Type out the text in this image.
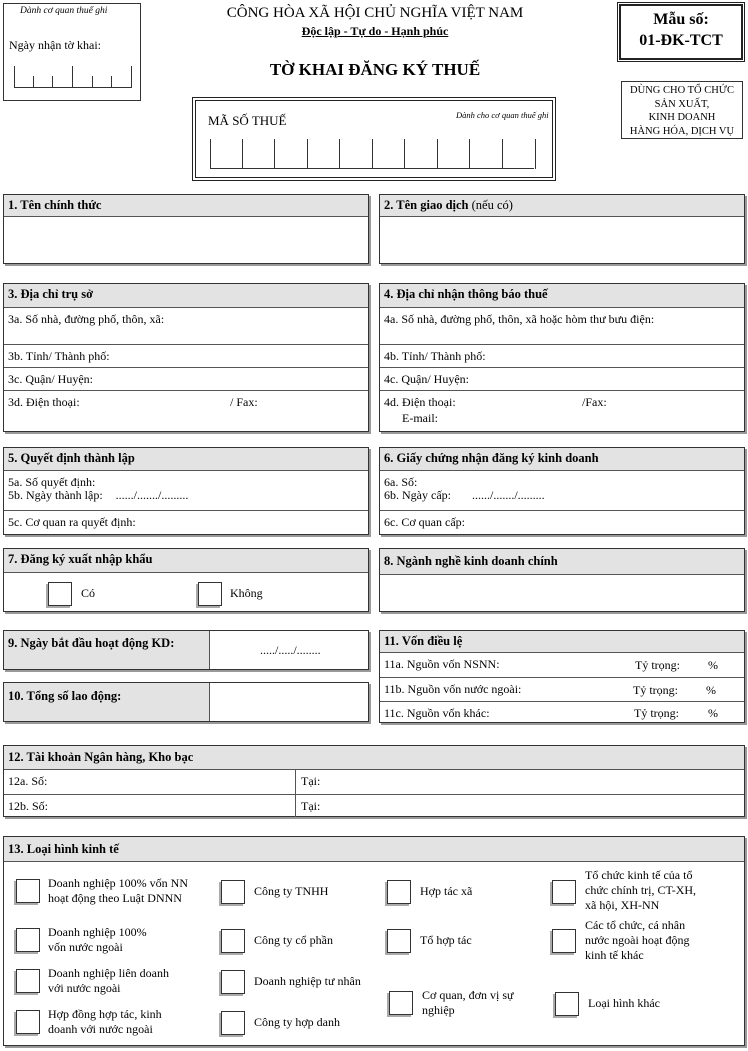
Dành cơ quan thuế ghi
Ngày nhận tờ khai:
CÔNG HÒA XÃ HỘI CHỦ NGHĨA VIỆT NAM
Độc lập - Tự do - Hạnh phúc
TỜ KHAI ĐĂNG KÝ THUẾ
Mẫu số:
01-ĐK-TCT
DÙNG CHO TỔ CHỨC
SẢN XUẤT,
KINH DOANH
HÀNG HÓA, DỊCH VỤ
MÃ SỐ THUẾ	Dành cho cơ quan thuế ghi
1. Tên chính thức	2. Tên giao dịch (nếu có)
3. Địa chỉ trụ sở
3a. Số nhà, đường phố, thôn, xã:
3b. Tỉnh/ Thành phố:
3c. Quận/ Huyện:
3d. Điện thoại:	/ Fax:
4. Địa chỉ nhận thông báo thuế
4a. Số nhà, đường phố, thôn, xã hoặc hòm thư bưu điện:
4b. Tỉnh/ Thành phố:
4c. Quận/ Huyện:
4d. Điện thoại:	/Fax:
E-mail:
5. Quyết định thành lập
5a. Số quyết định:
5b. Ngày thành lập: ....../......./.........
5c. Cơ quan ra quyết định:
6. Giấy chứng nhận đăng ký kinh doanh
6a. Số:
6b. Ngày cấp: ....../......./.........
6c. Cơ quan cấp:
7. Đăng ký xuất nhập khẩu
Có	Không
8. Ngành nghề kinh doanh chính
9. Ngày bắt đầu hoạt động KD:	...../...../........
10. Tổng số lao động:
11. Vốn điều lệ
11a. Nguồn vốn NSNN:	Tỷ trọng: %
11b. Nguồn vốn nước ngoài:	Tỷ trọng: %
11c. Nguồn vốn khác:	Tỷ trọng: %
12. Tài khoản Ngân hàng, Kho bạc
12a. Số:	Tại:
12b. Số:	Tại:
13. Loại hình kinh tế
Doanh nghiệp 100% vốn NN
hoạt động theo Luật DNNN
Doanh nghiệp 100%
vốn nước ngoài
Doanh nghiệp liên doanh
với nước ngoài
Hợp đồng hợp tác, kinh
doanh với nước ngoài
Công ty TNHH
Công ty cổ phần
Doanh nghiệp tư nhân
Công ty hợp danh
Hợp tác xã
Tổ hợp tác
Cơ quan, đơn vị sự
nghiệp
Tổ chức kinh tế của tổ
chức chính trị, CT-XH,
xã hội, XH-NN
Các tổ chức, cá nhân
nước ngoài hoạt động
kinh tế khác
Loại hình khác
